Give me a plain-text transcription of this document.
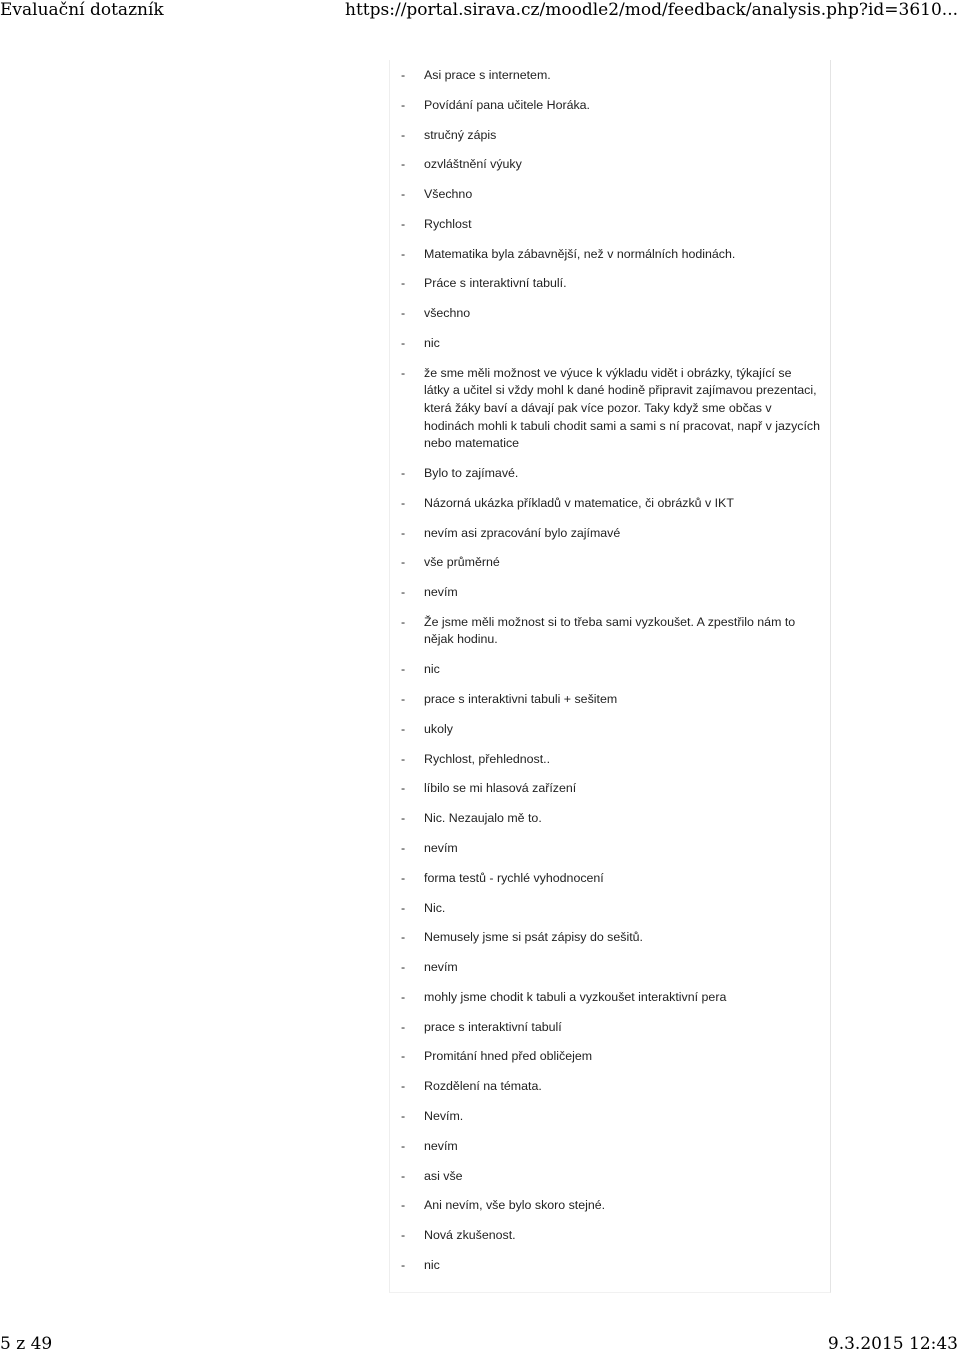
Evaluační dotazník	https://portal.sirava.cz/moodle2/mod/feedback/analysis.php?id=3610...
- Asi prace s internetem.
- Povídání pana učitele Horáka.
- stručný zápis
- ozvláštnění výuky
- Všechno
- Rychlost
- Matematika byla zábavnější, než v normálních hodinách.
- Práce s interaktivní tabulí.
- všechno
- nic
- že sme měli možnost ve výuce k výkladu vidět i obrázky, týkající se látky a učitel si vždy mohl k dané hodině připravit zajímavou prezentaci, která žáky baví a dávají pak více pozor. Taky když sme občas v hodinách mohli k tabuli chodit sami a sami s ní pracovat, např v jazycích nebo matematice
- Bylo to zajímavé.
- Názorná ukázka příkladů v matematice, či obrázků v IKT
- nevím asi zpracování bylo zajímavé
- vše průměrné
- nevím
- Že jsme měli možnost si to třeba sami vyzkoušet. A zpestřilo nám to nějak hodinu.
- nic
- prace s interaktivni tabuli + sešitem
- ukoly
- Rychlost, přehlednost..
- líbilo se mi hlasová zařízení
- Nic. Nezaujalo mě to.
- nevím
- forma testů - rychlé vyhodnocení
- Nic.
- Nemusely jsme si psát zápisy do sešitů.
- nevím
- mohly jsme chodit k tabuli a vyzkoušet interaktivní pera
- prace s interaktivní tabulí
- Promitání hned před obličejem
- Rozdělení na témata.
- Nevím.
- nevím
- asi vše
- Ani nevím, vše bylo skoro stejné.
- Nová zkušenost.
- nic
5 z 49	9.3.2015 12:43
